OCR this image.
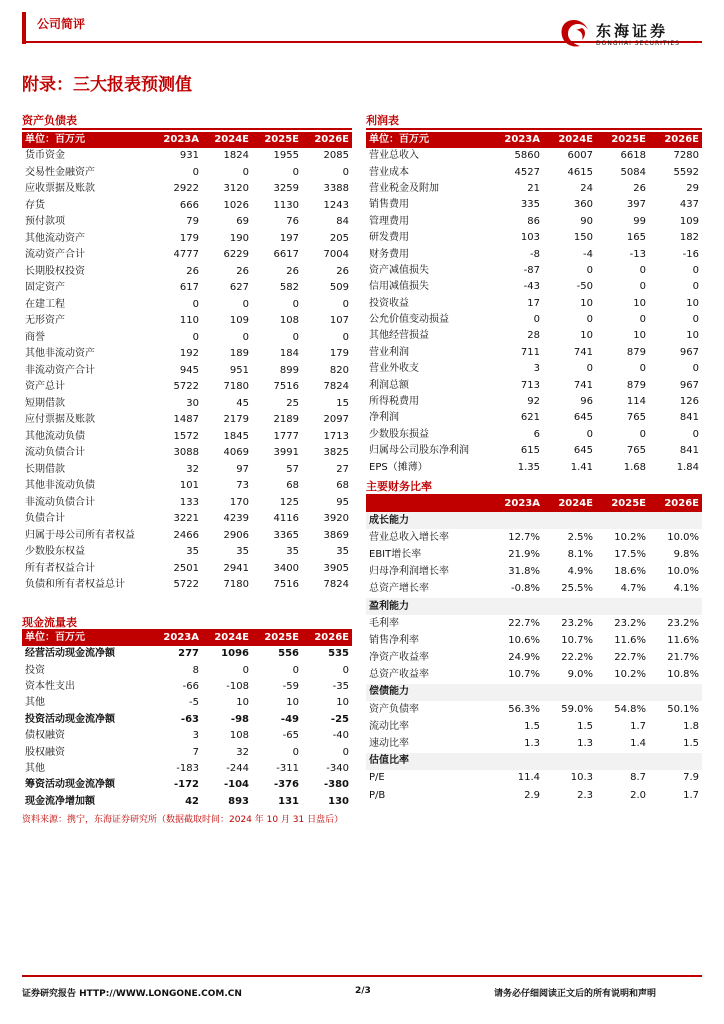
公司简评	东海证券
DONGHAI SECURITIES
附录：三大报表预测值
资产负债表	利润表
现金流量表
主要财务比率
单位：百万元	2023A	2024E	2025E	2026E
货币资金	931	1824	1955	2085
交易性金融资产	0	0	0	0
应收票据及账款	2922	3120	3259	3388
存货	666	1026	1130	1243
预付款项	79	69	76	84
其他流动资产	179	190	197	205
流动资产合计	4777	6229	6617	7004
长期股权投资	26	26	26	26
固定资产	617	627	582	509
在建工程	0	0	0	0
无形资产	110	109	108	107
商誉	0	0	0	0
其他非流动资产	192	189	184	179
非流动资产合计	945	951	899	820
资产总计	5722	7180	7516	7824
短期借款	30	45	25	15
应付票据及账款	1487	2179	2189	2097
其他流动负债	1572	1845	1777	1713
流动负债合计	3088	4069	3991	3825
长期借款	32	97	57	27
其他非流动负债	101	73	68	68
非流动负债合计	133	170	125	95
负债合计	3221	4239	4116	3920
归属于母公司所有者权益	2466	2906	3365	3869
少数股东权益	35	35	35	35
所有者权益合计	2501	2941	3400	3905
负债和所有者权益总计	5722	7180	7516	7824
单位：百万元	2023A	2024E	2025E	2026E
经营活动现金流净额	277	1096	556	535
投资	8	0	0	0
资本性支出	-66	-108	-59	-35
其他	-5	10	10	10
投资活动现金流净额	-63	-98	-49	-25
债权融资	3	108	-65	-40
股权融资	7	32	0	0
其他	-183	-244	-311	-340
筹资活动现金流净额	-172	-104	-376	-380
现金流净增加额	42	893	131	130
单位：百万元	2023A	2024E	2025E	2026E
营业总收入	5860	6007	6618	7280
营业成本	4527	4615	5084	5592
营业税金及附加	21	24	26	29
销售费用	335	360	397	437
管理费用	86	90	99	109
研发费用	103	150	165	182
财务费用	-8	-4	-13	-16
资产减值损失	-87	0	0	0
信用减值损失	-43	-50	0	0
投资收益	17	10	10	10
公允价值变动损益	0	0	0	0
其他经营损益	28	10	10	10
营业利润	711	741	879	967
营业外收支	3	0	0	0
利润总额	713	741	879	967
所得税费用	92	96	114	126
净利润	621	645	765	841
少数股东损益	6	0	0	0
归属母公司股东净利润	615	645	765	841
EPS（摊薄）	1.35	1.41	1.68	1.84
	2023A	2024E	2025E	2026E
成长能力				
营业总收入增长率	12.7%	2.5%	10.2%	10.0%
EBIT增长率	21.9%	8.1%	17.5%	9.8%
归母净利润增长率	31.8%	4.9%	18.6%	10.0%
总资产增长率	-0.8%	25.5%	4.7%	4.1%
盈利能力				
毛利率	22.7%	23.2%	23.2%	23.2%
销售净利率	10.6%	10.7%	11.6%	11.6%
净资产收益率	24.9%	22.2%	22.7%	21.7%
总资产收益率	10.7%	9.0%	10.2%	10.8%
偿债能力				
资产负债率	56.3%	59.0%	54.8%	50.1%
流动比率	1.5	1.5	1.7	1.8
速动比率	1.3	1.3	1.4	1.5
估值比率				
P/E	11.4	10.3	8.7	7.9
P/B	2.9	2.3	2.0	1.7
资料来源：携宁，东海证券研究所（数据截取时间：2024 年 10 月 31 日盘后）
证券研究报告 HTTP://WWW.LONGONE.COM.CN	2/3	请务必仔细阅读正文后的所有说明和声明
